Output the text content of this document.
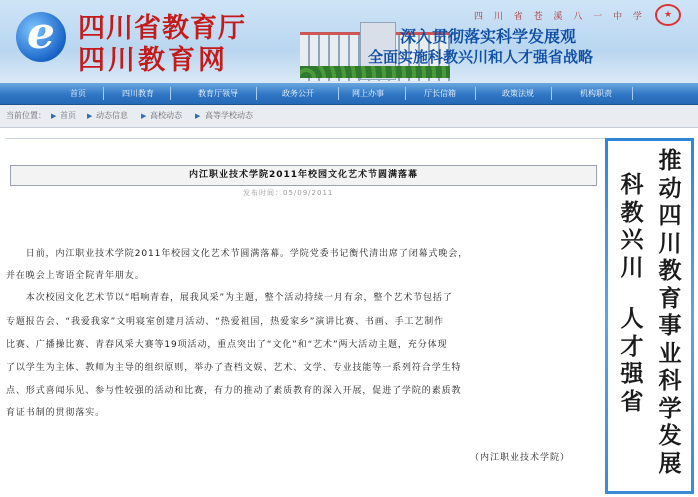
e 四川省教育厅
四川教育网
四 川 省 苍 溪 八 一 中 学	★
深入贯彻落实科学发展观
全面实施科教兴川和人才强省战略
首页	四川教育	教育厅领导	政务公开	网上办事	厅长信箱	政策法规	机构职责
当前位置： ▶ 首页 ▶ 动态信息 ▶ 高校动态 ▶ 高等学校动态
内江职业技术学院2011年校园文化艺术节圆满落幕
发布时间：05/09/2011
　　日前，内江职业技术学院2011年校园文化艺术节圆满落幕。学院党委书记衡代清出席了闭幕式晚会，
并在晚会上寄语全院青年朋友。
　　本次校园文化艺术节以“唱响青春，展我风采”为主题，整个活动持续一月有余，整个艺术节包括了
专题报告会、“我爱我家”文明寝室创建月活动、“热爱祖国，热爱家乡”演讲比赛、书画、手工艺制作
比赛、广播操比赛、青春风采大赛等19项活动，重点突出了“文化”和“艺术”两大活动主题，充分体现
了以学生为主体、教师为主导的组织原则，举办了查档文娱、艺术、文学、专业技能等一系列符合学生特
点、形式喜闻乐见、参与性较强的活动和比赛，有力的推动了素质教育的深入开展，促进了学院的素质教
育证书制的贯彻落实。
（内江职业技术学院）
推动四川教育事业科学发展
科教兴川
人才强省
